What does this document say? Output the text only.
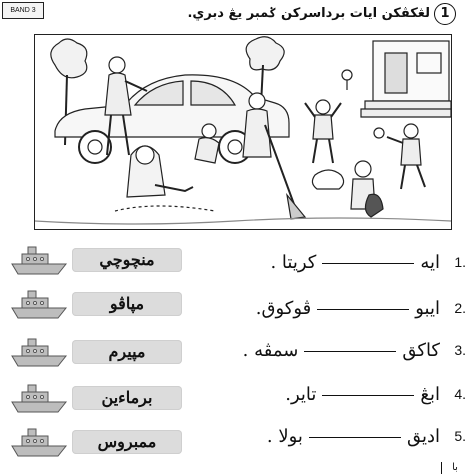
BAND 3	1
لڠكڤكن ايات برداسركن ݢمبر يڠ دبري.
منچوچي
مڽاڤو
مڽيرم
برماءين
ممبروس
1.
ايهکريتا .
2.
ايبوڤوکوق.
3.
کاکقسمڤه .
4.
ابڠتاير.
5.
اديقبولا .
با
